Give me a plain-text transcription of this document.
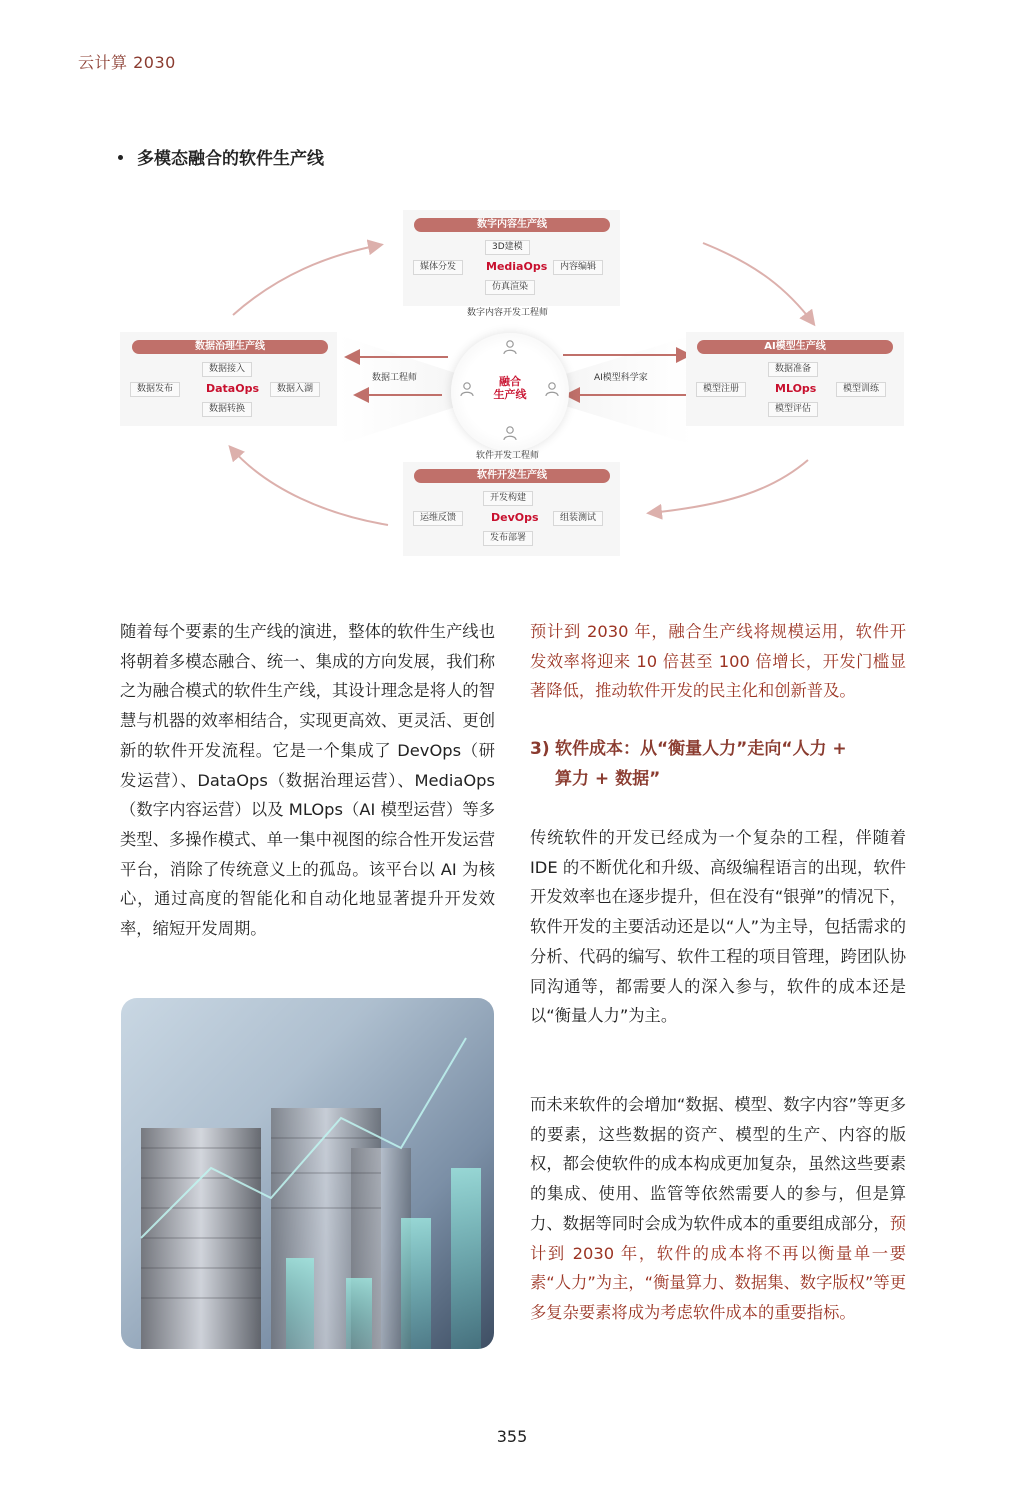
云计算 2030
多模态融合的软件生产线
数字内容生产线
3D建模
媒体分发	MediaOps	内容编辑
仿真渲染
数字内容开发工程师
数据治理生产线
数据接入
数据发布	DataOps	数据入湖
数据转换
数据工程师
AI模型生产线
数据准备
模型注册	MLOps	模型训练
模型评估
AI模型科学家
融合
生产线
软件开发工程师
软件开发生产线
开发构建
运维反馈	DevOps	组装测试
发布部署
随着每个要素的生产线的演进，整体的软件生产线也将朝着多模态融合、统一、集成的方向发展，我们称之为融合模式的软件生产线，其设计理念是将人的智慧与机器的效率相结合，实现更高效、更灵活、更创新的软件开发流程。它是一个集成了 DevOps（研发运营）、DataOps（数据治理运营）、MediaOps（数字内容运营）以及 MLOps（AI 模型运营）等多类型、多操作模式、单一集中视图的综合性开发运营平台，消除了传统意义上的孤岛。该平台以 AI 为核心，通过高度的智能化和自动化地显著提升开发效率，缩短开发周期。
预计到 2030 年，融合生产线将规模运用，软件开发效率将迎来 10 倍甚至 100 倍增长，开发门槛显著降低，推动软件开发的民主化和创新普及。
3) 软件成本：从“衡量人力”走向“人力 +
算力 + 数据”
传统软件的开发已经成为一个复杂的工程，伴随着 IDE 的不断优化和升级、高级编程语言的出现，软件开发效率也在逐步提升，但在没有“银弹”的情况下，软件开发的主要活动还是以“人”为主导，包括需求的分析、代码的编写、软件工程的项目管理，跨团队协同沟通等，都需要人的深入参与，软件的成本还是以“衡量人力”为主。
而未来软件的会增加“数据、模型、数字内容”等更多的要素，这些数据的资产、模型的生产、内容的版权，都会使软件的成本构成更加复杂，虽然这些要素的集成、使用、监管等依然需要人的参与，但是算力、数据等同时会成为软件成本的重要组成部分，预计到 2030 年，软件的成本将不再以衡量单一要素“人力”为主，“衡量算力、数据集、数字版权”等更多复杂要素将成为考虑软件成本的重要指标。
355
